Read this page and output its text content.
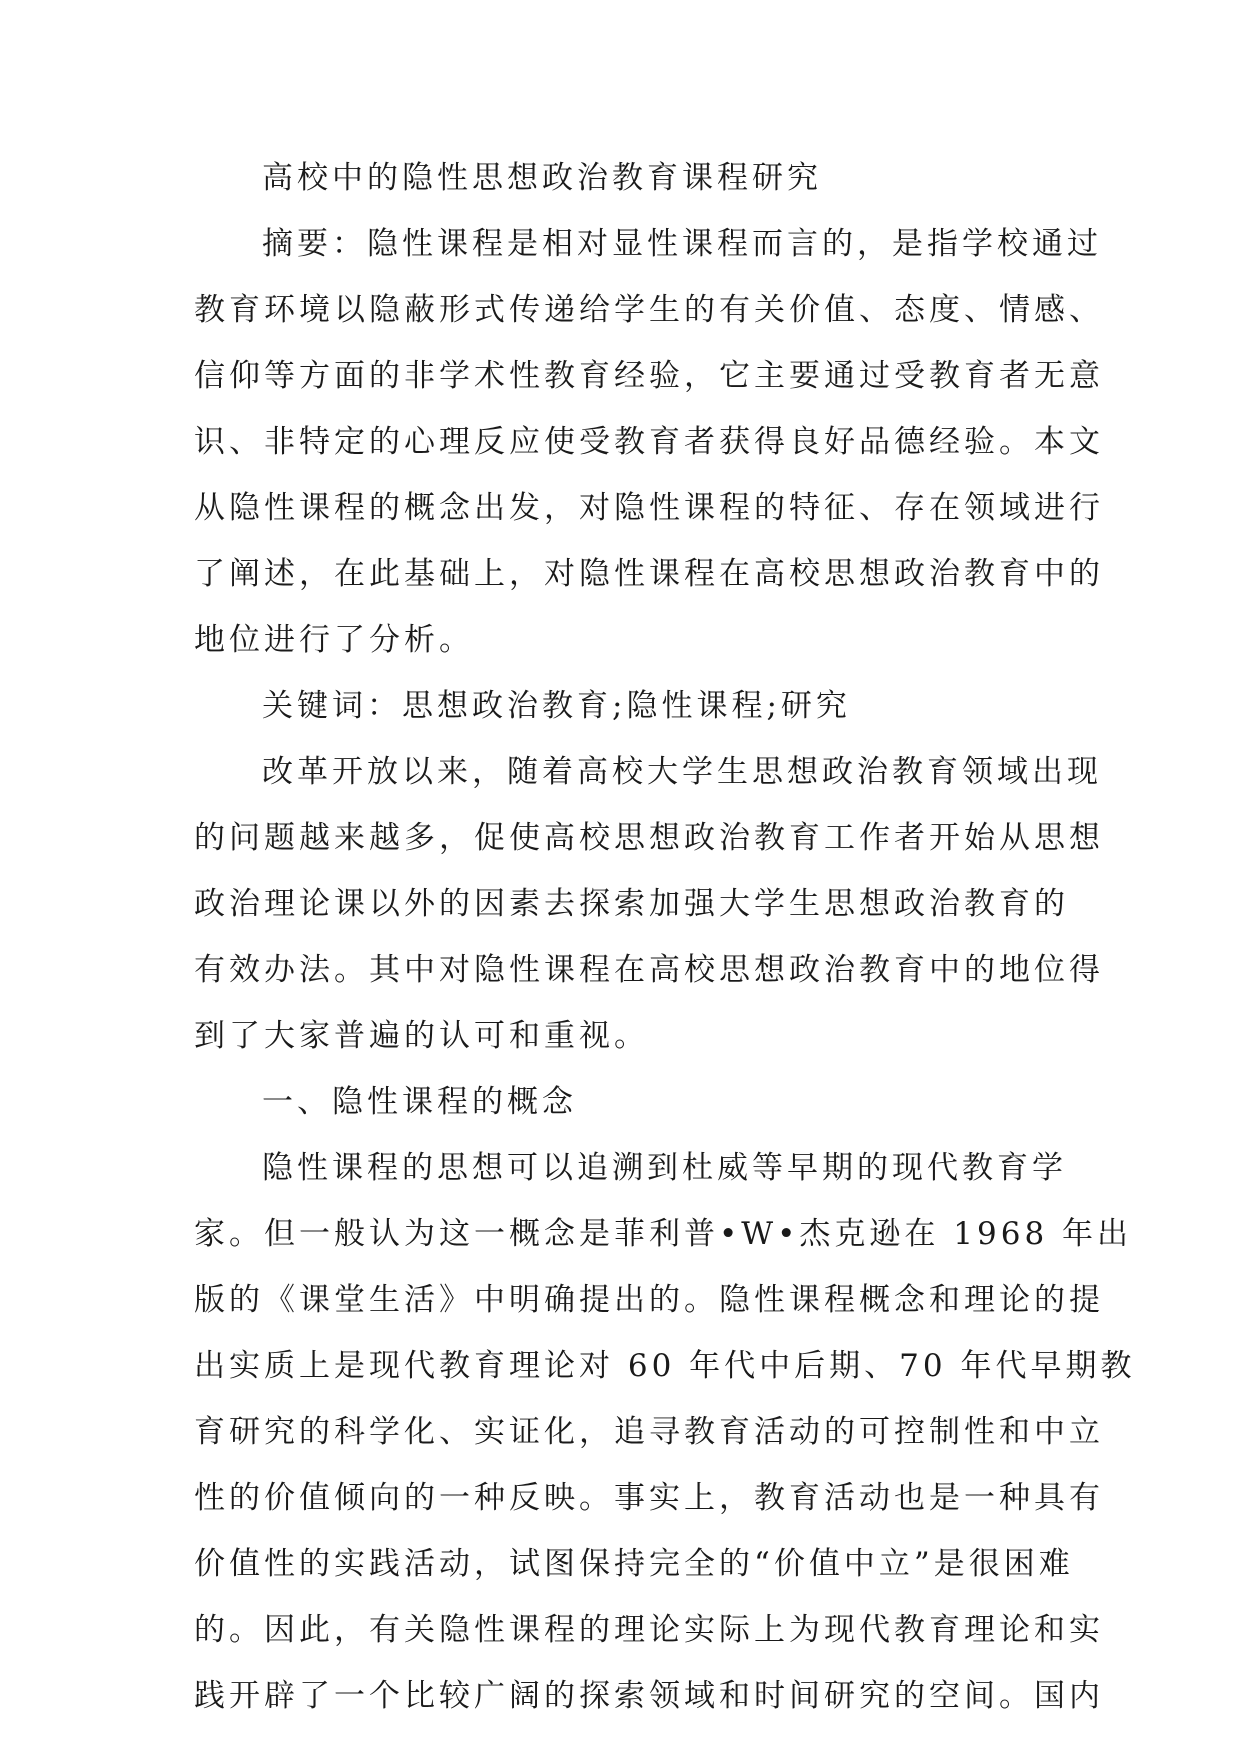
高校中的隐性思想政治教育课程研究
摘要：隐性课程是相对显性课程而言的，是指学校通过
教育环境以隐蔽形式传递给学生的有关价值、态度、情感、
信仰等方面的非学术性教育经验，它主要通过受教育者无意
识、非特定的心理反应使受教育者获得良好品德经验。本文
从隐性课程的概念出发，对隐性课程的特征、存在领域进行
了阐述，在此基础上，对隐性课程在高校思想政治教育中的
地位进行了分析。
关键词：思想政治教育;隐性课程;研究
改革开放以来，随着高校大学生思想政治教育领域出现
的问题越来越多，促使高校思想政治教育工作者开始从思想
政治理论课以外的因素去探索加强大学生思想政治教育的
有效办法。其中对隐性课程在高校思想政治教育中的地位得
到了大家普遍的认可和重视。
一、隐性课程的概念
隐性课程的思想可以追溯到杜威等早期的现代教育学
家。但一般认为这一概念是菲利普•W•杰克逊在 1968 年出
版的《课堂生活》中明确提出的。隐性课程概念和理论的提
出实质上是现代教育理论对 60 年代中后期、70 年代早期教
育研究的科学化、实证化，追寻教育活动的可控制性和中立
性的价值倾向的一种反映。事实上，教育活动也是一种具有
价值性的实践活动，试图保持完全的“价值中立”是很困难
的。因此，有关隐性课程的理论实际上为现代教育理论和实
践开辟了一个比较广阔的探索领域和时间研究的空间。国内
